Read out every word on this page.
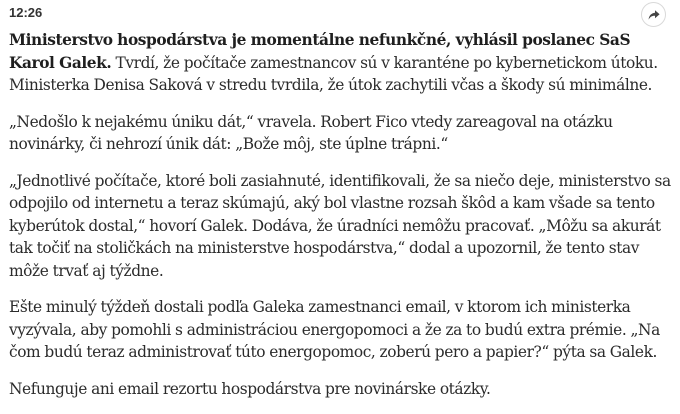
12:26

Ministerstvo hospodárstva je momentálne nefunkčné, vyhlásil poslanec SaS Karol Galek. Tvrdí, že počítače zamestnancov sú v karanténe po kybernetickom útoku. Ministerka Denisa Saková v stredu tvrdila, že útok zachytili včas a škody sú minimálne.

„Nedošlo k nejakému úniku dát,“ vravela. Robert Fico vtedy zareagoval na otázku novinárky, či nehrozí únik dát: „Bože môj, ste úplne trápni.“

„Jednotlivé počítače, ktoré boli zasiahnuté, identifikovali, že sa niečo deje, ministerstvo sa odpojilo od internetu a teraz skúmajú, aký bol vlastne rozsah škôd a kam všade sa tento kyberútok dostal,“ hovorí Galek. Dodáva, že úradníci nemôžu pracovať. „Môžu sa akurát tak točiť na stoličkách na ministerstve hospodárstva,“ dodal a upozornil, že tento stav môže trvať aj týždne.

Ešte minulý týždeň dostali podľa Galeka zamestnanci email, v ktorom ich ministerka vyzývala, aby pomohli s administráciou energopomoci a že za to budú extra prémie. „Na čom budú teraz administrovať túto energopomoc, zoberú pero a papier?“ pýta sa Galek.

Nefunguje ani email rezortu hospodárstva pre novinárske otázky.
